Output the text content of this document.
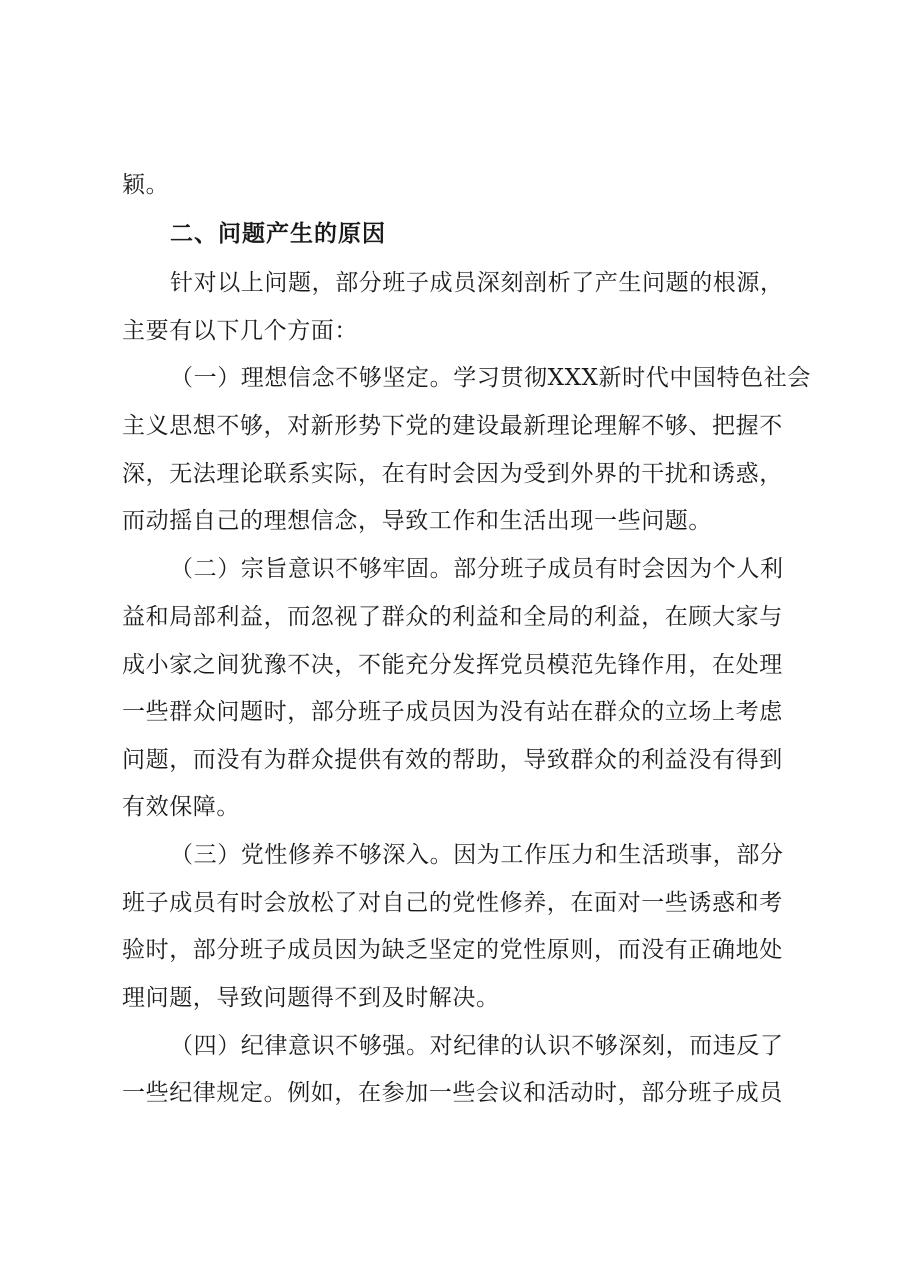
颖。
二、问题产生的原因
针对以上问题，部分班子成员深刻剖析了产生问题的根源，
主要有以下几个方面：
（一）理想信念不够坚定。学习贯彻XXX新时代中国特色社会
主义思想不够，对新形势下党的建设最新理论理解不够、把握不
深，无法理论联系实际，在有时会因为受到外界的干扰和诱惑，
而动摇自己的理想信念，导致工作和生活出现一些问题。
（二）宗旨意识不够牢固。部分班子成员有时会因为个人利
益和局部利益，而忽视了群众的利益和全局的利益，在顾大家与
成小家之间犹豫不决，不能充分发挥党员模范先锋作用，在处理
一些群众问题时，部分班子成员因为没有站在群众的立场上考虑
问题，而没有为群众提供有效的帮助，导致群众的利益没有得到
有效保障。
（三）党性修养不够深入。因为工作压力和生活琐事，部分
班子成员有时会放松了对自己的党性修养，在面对一些诱惑和考
验时，部分班子成员因为缺乏坚定的党性原则，而没有正确地处
理问题，导致问题得不到及时解决。
（四）纪律意识不够强。对纪律的认识不够深刻，而违反了
一些纪律规定。例如，在参加一些会议和活动时，部分班子成员
